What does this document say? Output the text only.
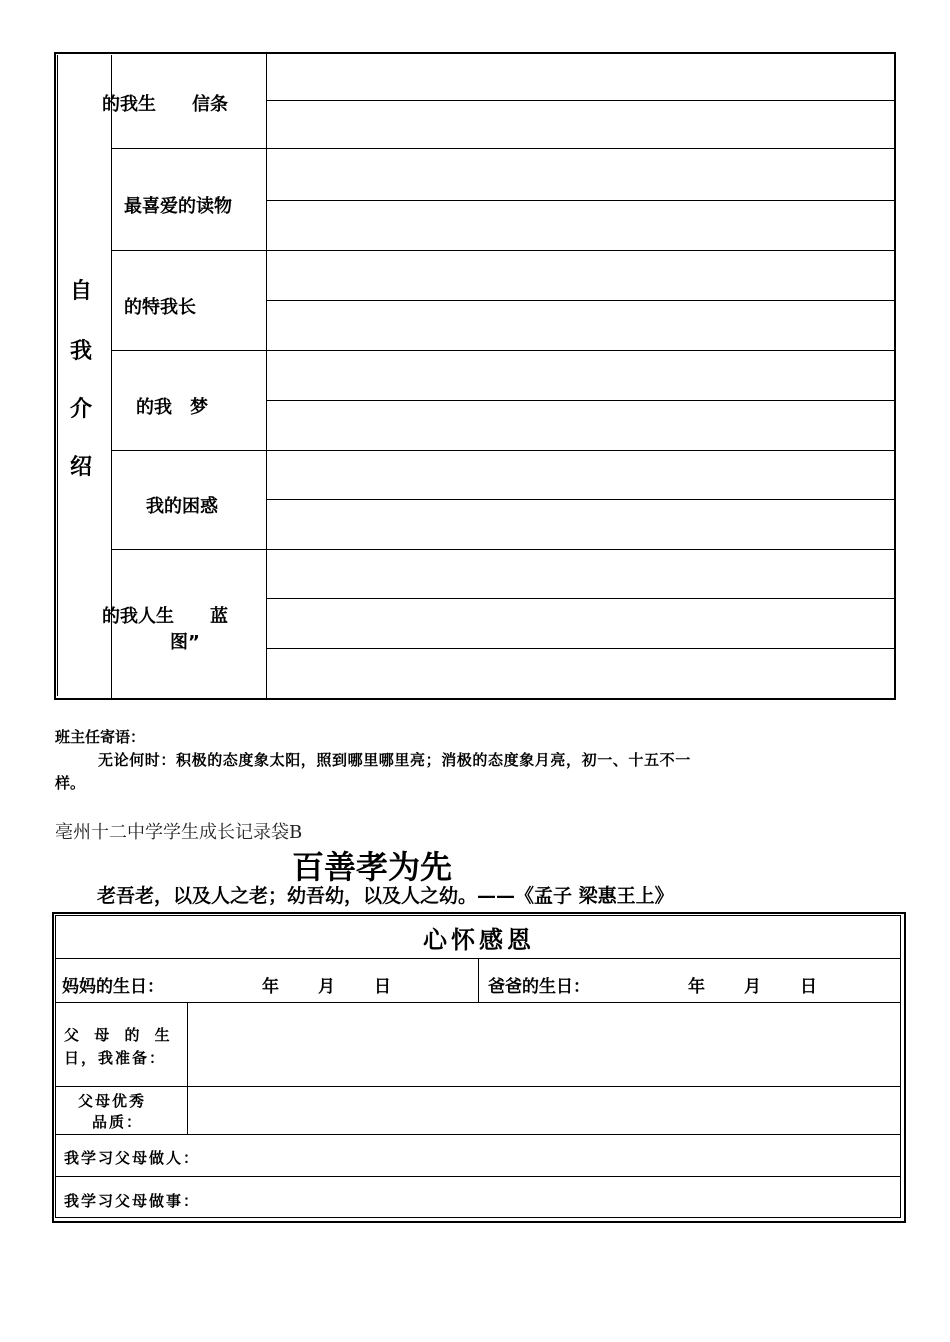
自
我
介
绍
的我生　　信条
最喜爱的读物
的特我长
的我　梦
我的困惑
的我人生　　蓝
图”
班主任寄语：
无论何时：积极的态度象太阳，照到哪里哪里亮；消极的态度象月亮，初一、十五不一
样。
亳州十二中学学生成长记录袋B
百善孝为先
老吾老，以及人之老；幼吾幼，以及人之幼。——《孟子 梁惠王上》
心怀感恩
妈妈的生日：	年 月 日	爸爸的生日：	年 月 日
父 母 的 生
日，我准备：
父母优秀
品质：
我学习父母做人：
我学习父母做事：
